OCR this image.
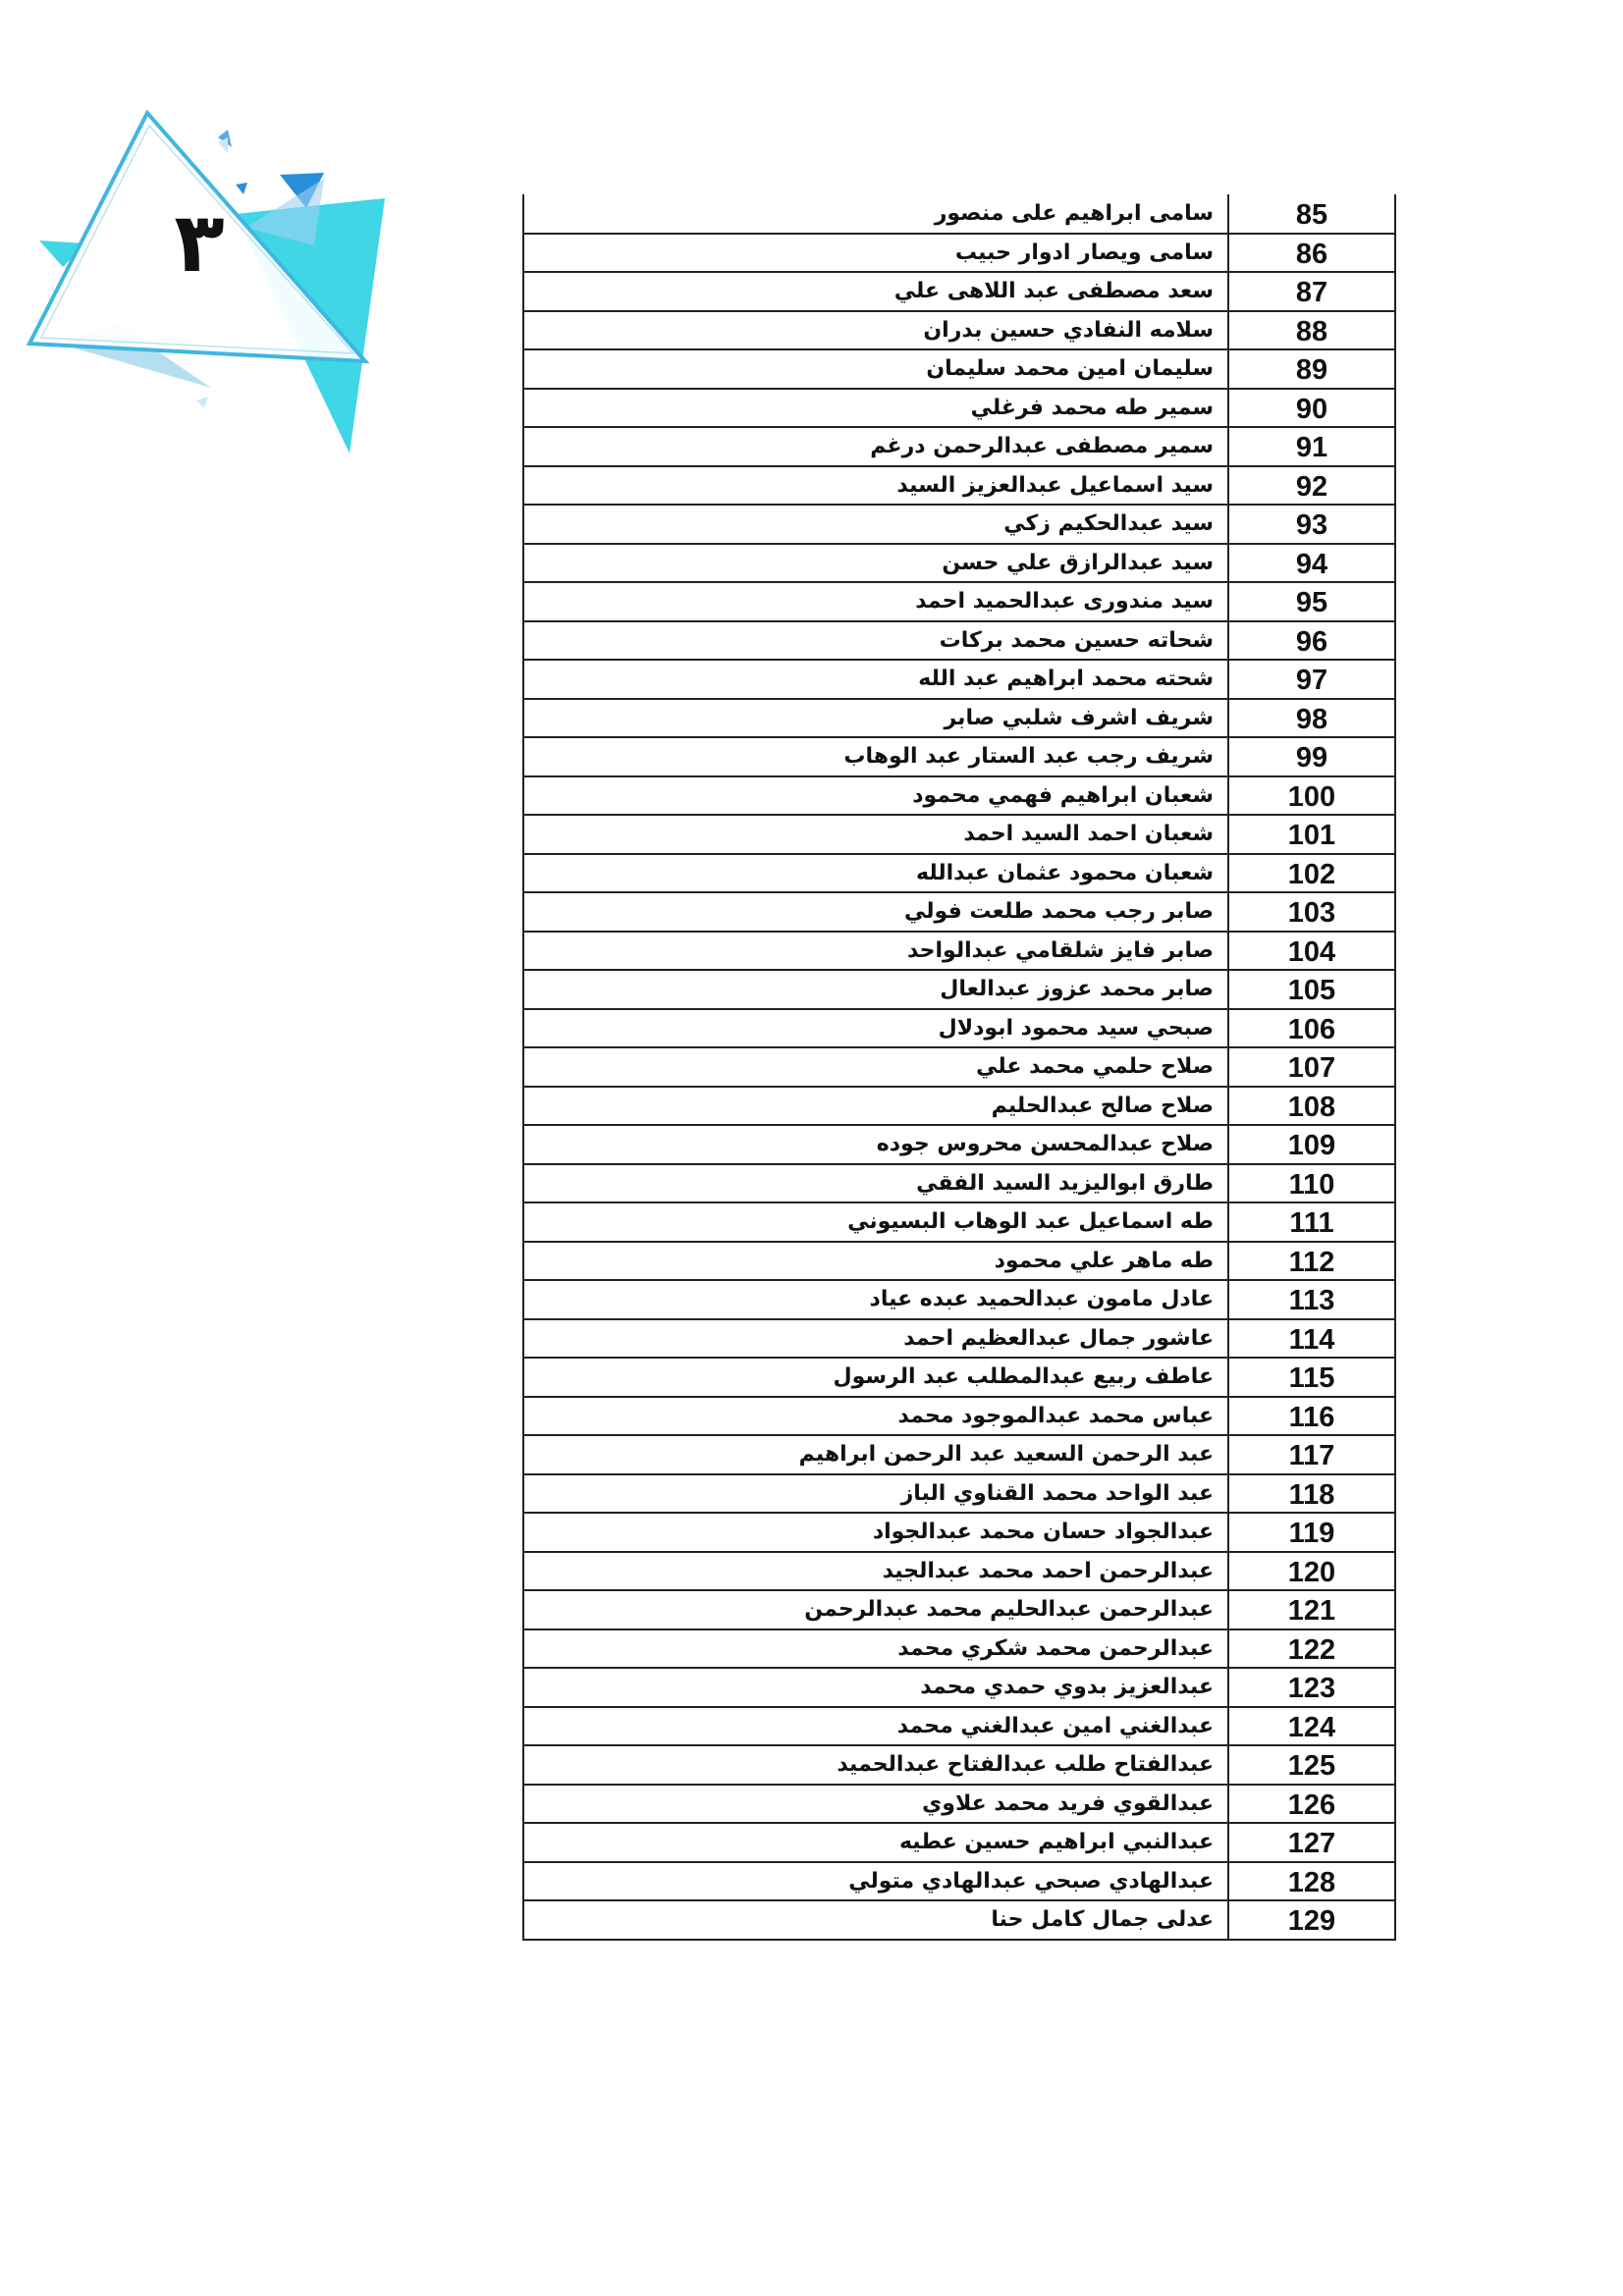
٣	85	سامى ابراهيم على منصور
86	سامى ويصار ادوار حبيب
87	سعد مصطفى عبد اللاهى علي
88	سلامه النفادي حسين بدران
89	سليمان امين محمد سليمان
90	سمير طه محمد فرغلي
91	سمير مصطفى عبدالرحمن درغم
92	سيد اسماعيل عبدالعزيز السيد
93	سيد عبدالحكيم زكي
94	سيد عبدالرازق علي حسن
95	سيد مندورى عبدالحميد احمد
96	شحاته حسين محمد بركات
97	شحته محمد ابراهيم عبد الله
98	شريف اشرف شلبي صابر
99	شريف رجب عبد الستار عبد الوهاب
100	شعبان ابراهيم فهمي محمود
101	شعبان احمد السيد احمد
102	شعبان محمود عثمان عبدالله
103	صابر رجب محمد طلعت فولي
104	صابر فايز شلقامي عبدالواحد
105	صابر محمد عزوز عبدالعال
106	صبحي سيد محمود ابودلال
107	صلاح حلمي محمد علي
108	صلاح صالح عبدالحليم
109	صلاح عبدالمحسن محروس جوده
110	طارق ابواليزيد السيد الفقي
111	طه اسماعيل عبد الوهاب البسيوني
112	طه ماهر علي محمود
113	عادل مامون عبدالحميد عبده عياد
114	عاشور جمال عبدالعظيم احمد
115	عاطف ربيع عبدالمطلب عبد الرسول
116	عباس محمد عبدالموجود محمد
117	عبد الرحمن السعيد عبد الرحمن ابراهيم
118	عبد الواحد محمد القناوي الباز
119	عبدالجواد حسان محمد عبدالجواد
120	عبدالرحمن احمد محمد عبدالجيد
121	عبدالرحمن عبدالحليم محمد عبدالرحمن
122	عبدالرحمن محمد شكري محمد
123	عبدالعزيز بدوي حمدي محمد
124	عبدالغني امين عبدالغني محمد
125	عبدالفتاح طلب عبدالفتاح عبدالحميد
126	عبدالقوي فريد محمد علاوي
127	عبدالنبي ابراهيم حسين عطيه
128	عبدالهادي صبحي عبدالهادي متولي
129	عدلى جمال كامل حنا
